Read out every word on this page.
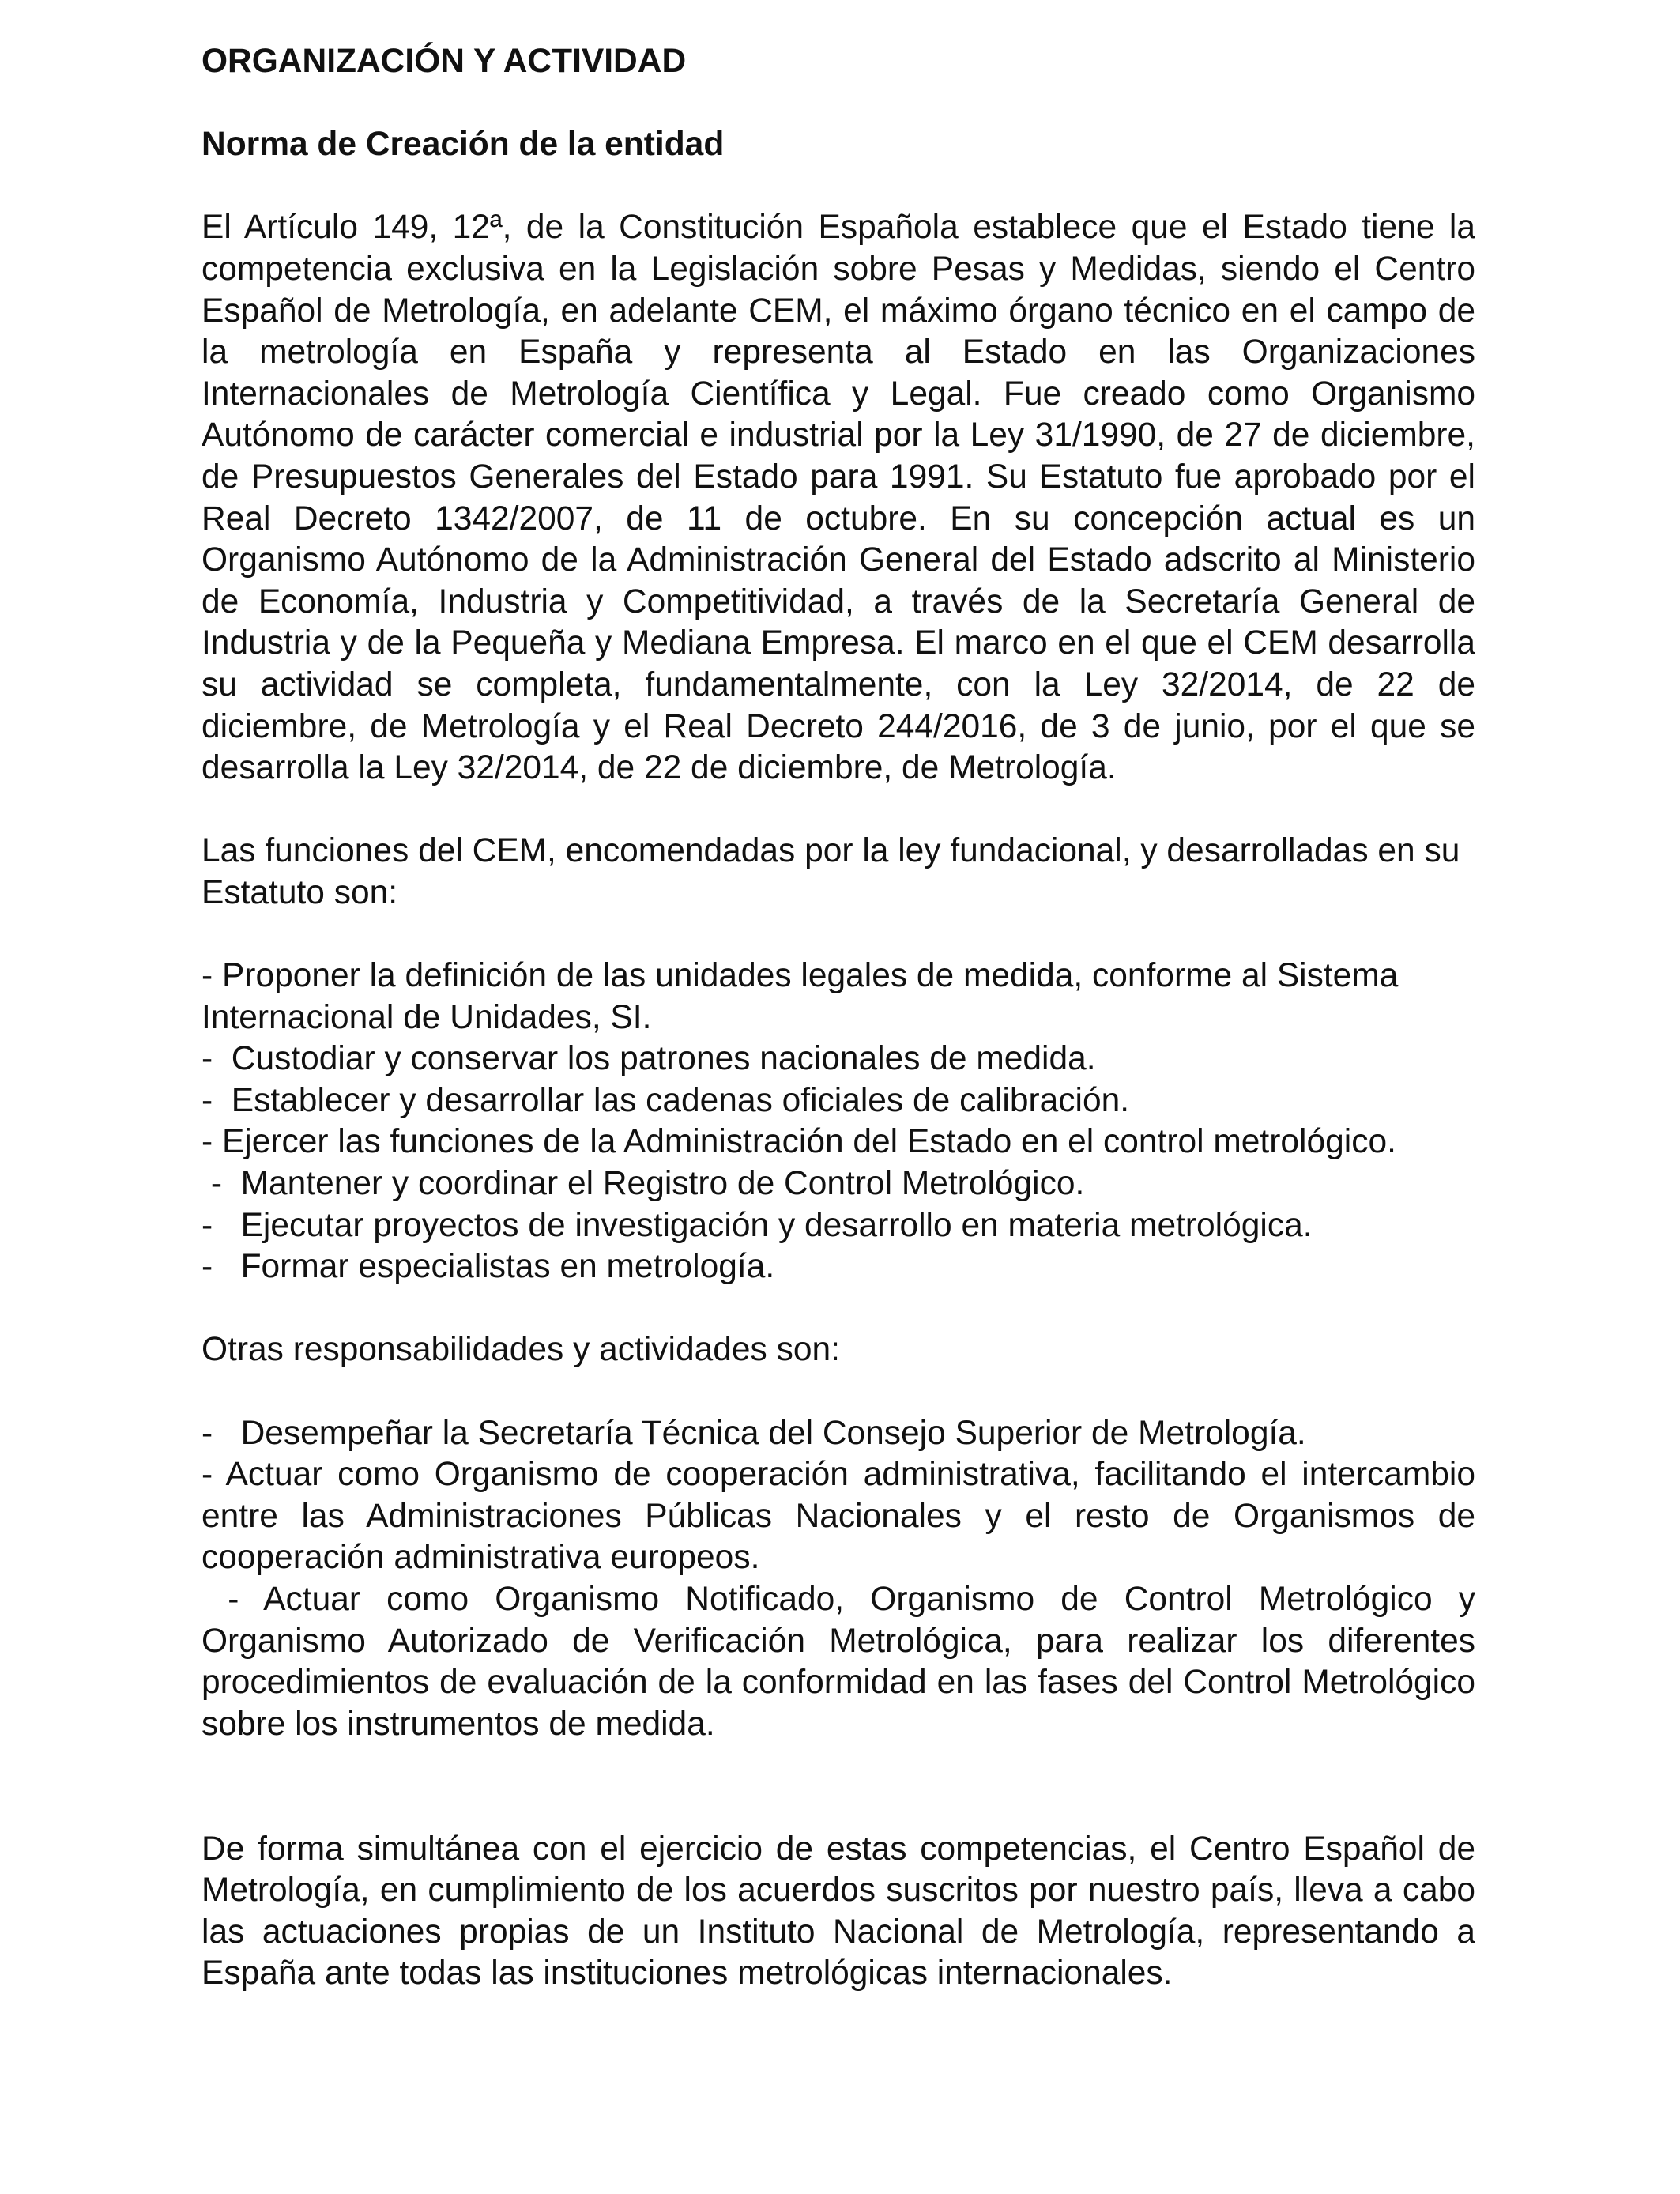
ORGANIZACIÓN Y ACTIVIDAD

Norma de Creación de la entidad

El Artículo 149, 12ª, de la Constitución Española establece que el Estado tiene la competencia exclusiva en la Legislación sobre Pesas y Medidas, siendo el Centro Español de Metrología, en adelante CEM, el máximo órgano técnico en el campo de la metrología en España y representa al Estado en las Organizaciones Internacionales de Metrología Científica y Legal. Fue creado como Organismo Autónomo de carácter comercial e industrial por la Ley 31/1990, de 27 de diciembre, de Presupuestos Generales del Estado para 1991. Su Estatuto fue aprobado por el Real Decreto 1342/2007, de 11 de octubre. En su concepción actual es un Organismo Autónomo de la Administración General del Estado adscrito al Ministerio de Economía, Industria y Competitividad, a través de la Secretaría General de Industria y de la Pequeña y Mediana Empresa. El marco en el que el CEM desarrolla su actividad se completa, fundamentalmente, con la Ley 32/2014, de 22 de diciembre, de Metrología y el Real Decreto 244/2016, de 3 de junio, por el que se desarrolla la Ley 32/2014, de 22 de diciembre, de Metrología.

Las funciones del CEM, encomendadas por la ley fundacional, y desarrolladas en su Estatuto son:

- Proponer la definición de las unidades legales de medida, conforme al Sistema Internacional de Unidades, SI.

-  Custodiar y conservar los patrones nacionales de medida.

-  Establecer y desarrollar las cadenas oficiales de calibración.

- Ejercer las funciones de la Administración del Estado en el control metrológico.

-  Mantener y coordinar el Registro de Control Metrológico.

-   Ejecutar proyectos de investigación y desarrollo en materia metrológica.

-   Formar especialistas en metrología.

Otras responsabilidades y actividades son:

-   Desempeñar la Secretaría Técnica del Consejo Superior de Metrología.

- Actuar como Organismo de cooperación administrativa, facilitando el intercambio entre las Administraciones Públicas Nacionales y el resto de Organismos de cooperación administrativa europeos.

- Actuar como Organismo Notificado, Organismo de Control Metrológico y Organismo Autorizado de Verificación Metrológica, para realizar los diferentes procedimientos de evaluación de la conformidad en las fases del Control Metrológico sobre los instrumentos de medida.

De forma simultánea con el ejercicio de estas competencias, el Centro Español de Metrología, en cumplimiento de los acuerdos suscritos por nuestro país, lleva a cabo las actuaciones propias de un Instituto Nacional de Metrología, representando a España ante todas las instituciones metrológicas internacionales.
